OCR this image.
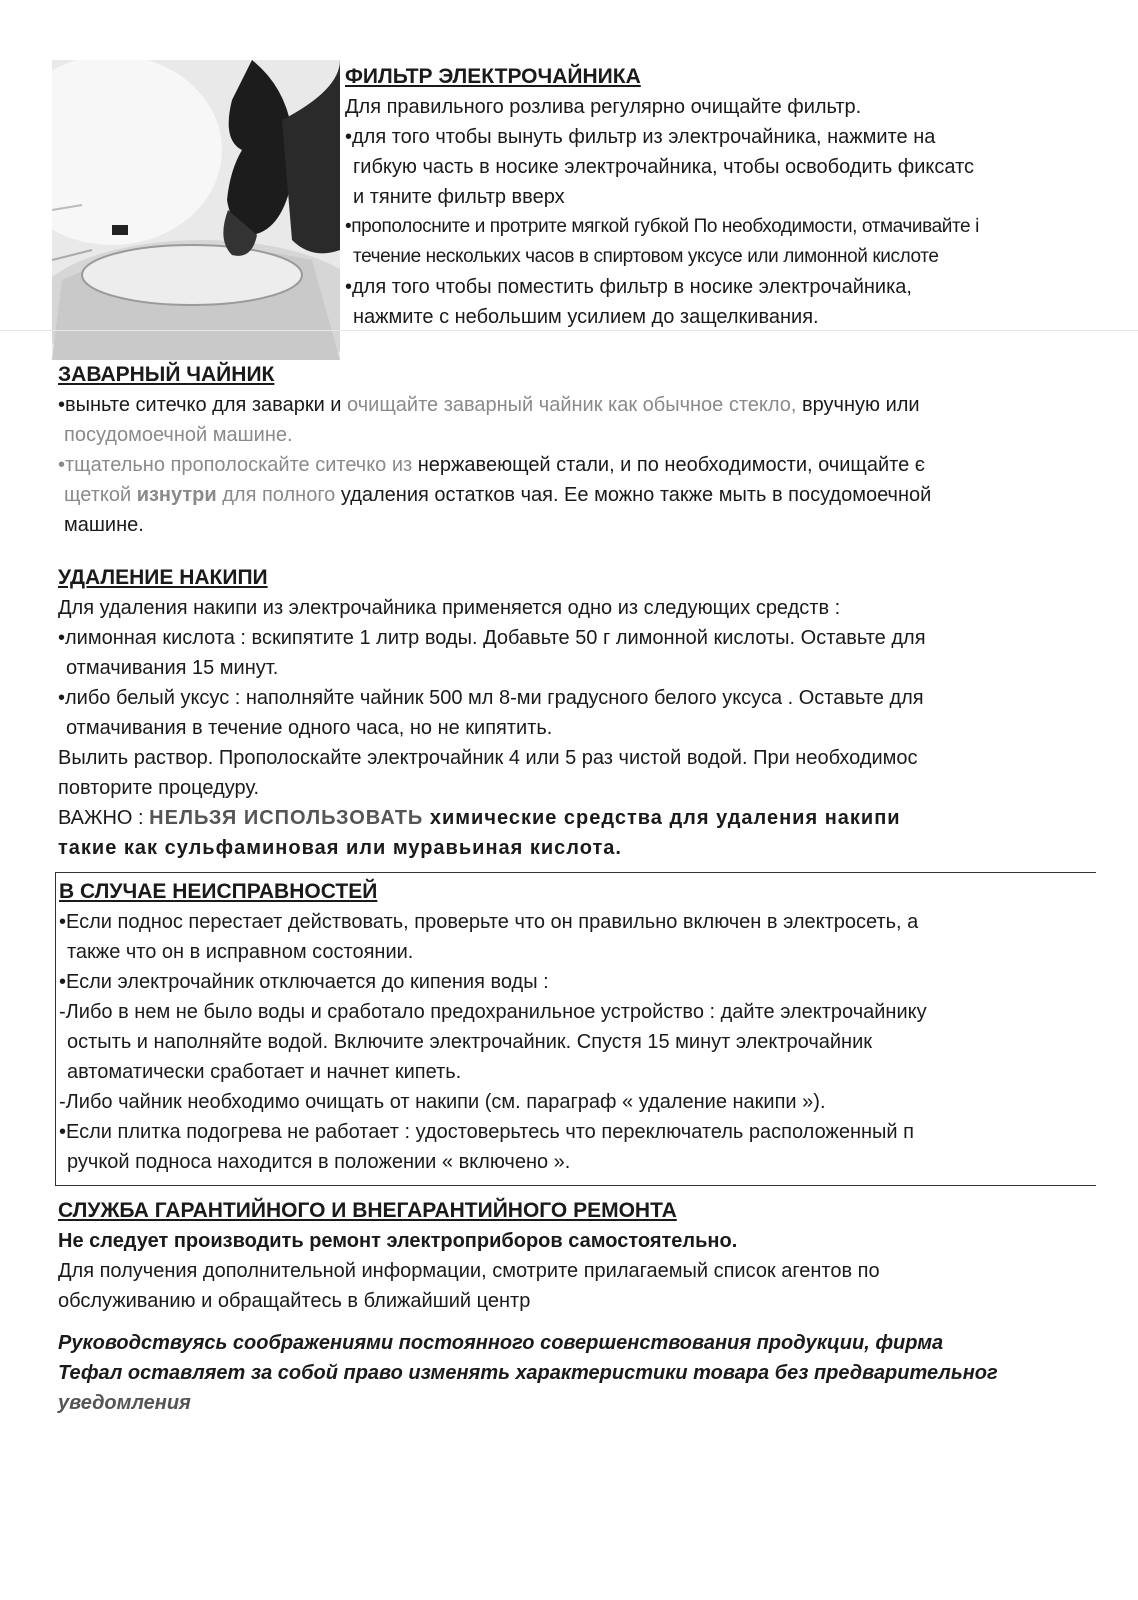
ФИЛЬТР ЭЛЕКТРОЧАЙНИКА

Для правильного розлива регулярно очищайте фильтр.

•для того чтобы вынуть фильтр из электрочайника, нажмите на

гибкую часть в носике электрочайника, чтобы освободить фиксатс

и тяните фильтр вверх

•прополосните и протрите мягкой губкой По необходимости, отмачивайте і

течение нескольких часов в спиртовом уксусе или лимонной кислоте

•для того чтобы поместить фильтр в носике электрочайника,

нажмите с небольшим усилием до защелкивания.

ЗАВАРНЫЙ ЧАЙНИК

•выньте ситечко для заварки и очищайте заварный чайник как обычное стекло, вручную или

посудомоечной машине.

•тщательно прополоскайте ситечко из нержавеющей стали, и по необходимости, очищайте є

щеткой изнутри для полного удаления остатков чая. Ее можно также мыть в посудомоечной

машине.

УДАЛЕНИЕ НАКИПИ

Для удаления накипи из электрочайника применяется одно из следующих средств :

•лимонная кислота : вскипятите 1 литр воды. Добавьте 50 г лимонной кислоты. Оставьте для

отмачивания 15 минут.

•либо белый уксус : наполняйте чайник 500 мл 8-ми градусного белого уксуса . Оставьте для

отмачивания в течение одного часа, но не кипятить.

Вылить раствор. Прополоскайте электрочайник 4 или 5 раз чистой водой. При необходимос

повторите процедуру.

ВАЖНО : НЕЛЬЗЯ ИСПОЛЬЗОВАТЬ химические средства для удаления накипи

такие как сульфаминовая или муравьиная кислота.

В СЛУЧАЕ НЕИСПРАВНОСТЕЙ

•Если поднос перестает действовать, проверьте что он правильно включен в электросеть, а

также что он в исправном состоянии.

•Если электрочайник отключается до кипения воды :

-Либо в нем не было воды и сработало предохранильное устройство : дайте электрочайнику

остыть и наполняйте водой. Включите электрочайник. Спустя 15 минут электрочайник

автоматически сработает и начнет кипеть.

-Либо чайник необходимо очищать от накипи (см. параграф « удаление накипи »).

•Если плитка подогрева не работает : удостоверьтесь что переключатель расположенный п

ручкой подноса находится в положении « включено ».

СЛУЖБА ГАРАНТИЙНОГО И ВНЕГАРАНТИЙНОГО РЕМОНТА

Не следует производить ремонт электроприборов самостоятельно.

Для получения дополнительной информации, смотрите прилагаемый список агентов по

обслуживанию и обращайтесь в ближайший центр

Руководствуясь соображениями постоянного совершенствования продукции, фирма

Тефал оставляет за собой право изменять характеристики товара без предварительног

уведомления
